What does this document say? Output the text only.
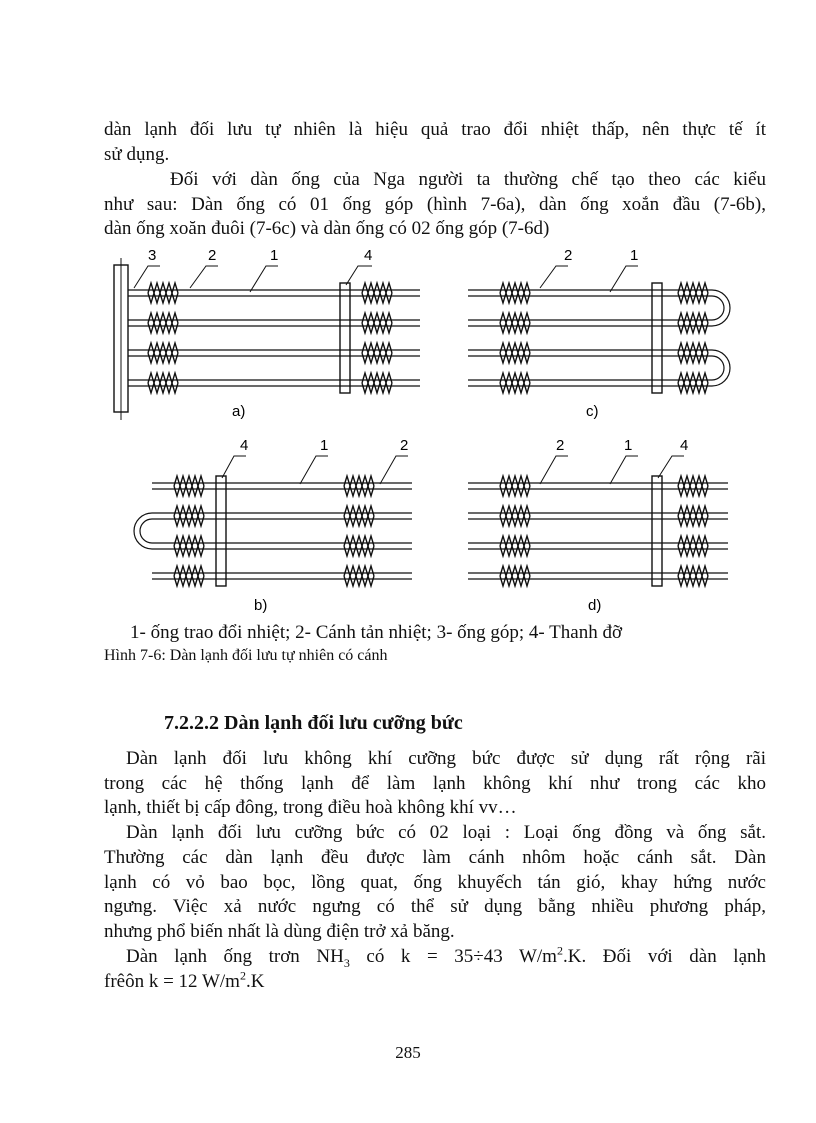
dàn lạnh đối lưu tự nhiên là hiệu quả trao đổi nhiệt thấp, nên thực tế ít
sử dụng.
Đối với dàn ống của Nga người ta thường chế tạo theo các kiểu
như sau: Dàn ống có 01 ống góp (hình 7-6a), dàn ống xoắn đầu (7-6b),
dàn ống xoăn đuôi (7-6c) và dàn ống có 02 ống góp (7-6d)
3	2	1	4
a)
2	1
c)
4	1	2
b)
2	1	4
d)
1- ống trao đổi nhiệt; 2- Cánh tản nhiệt; 3- ống góp; 4- Thanh đỡ
Hình 7-6: Dàn lạnh đối lưu tự nhiên có cánh
7.2.2.2 Dàn lạnh đối lưu cưỡng bức
Dàn lạnh đối lưu không khí cưỡng bức được sử dụng rất rộng rãi
trong các hệ thống lạnh để làm lạnh không khí như trong các kho
lạnh, thiết bị cấp đông, trong điều hoà không khí vv…
Dàn lạnh đối lưu cưỡng bức có 02 loại : Loại ống đồng và ống sắt.
Thường các dàn lạnh đều được làm cánh nhôm hoặc cánh sắt. Dàn
lạnh có vỏ bao bọc, lồng quat, ống khuyếch tán gió, khay hứng nước
ngưng. Việc xả nước ngưng có thể sử dụng bằng nhiều phương pháp,
nhưng phổ biến nhất là dùng điện trở xả băng.
Dàn lạnh ống trơn $NH_3$ có k = 35÷43 $W/m^2.K$. Đối với dàn lạnh
frêôn k = 12 $W/m^2.K$
285
